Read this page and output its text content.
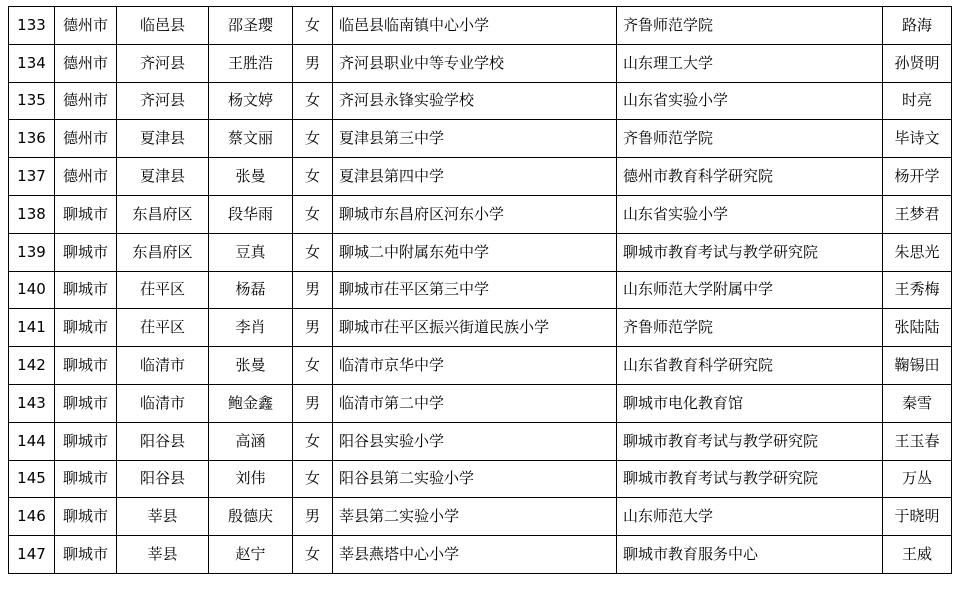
133	德州市	临邑县	邵圣璎	女	临邑县临南镇中心小学	齐鲁师范学院	路海
134	德州市	齐河县	王胜浩	男	齐河县职业中等专业学校	山东理工大学	孙贤明
135	德州市	齐河县	杨文婷	女	齐河县永锋实验学校	山东省实验小学	时亮
136	德州市	夏津县	蔡文丽	女	夏津县第三中学	齐鲁师范学院	毕诗文
137	德州市	夏津县	张曼	女	夏津县第四中学	德州市教育科学研究院	杨开学
138	聊城市	东昌府区	段华雨	女	聊城市东昌府区河东小学	山东省实验小学	王梦君
139	聊城市	东昌府区	豆真	女	聊城二中附属东苑中学	聊城市教育考试与教学研究院	朱思光
140	聊城市	茌平区	杨磊	男	聊城市茌平区第三中学	山东师范大学附属中学	王秀梅
141	聊城市	茌平区	李肖	男	聊城市茌平区振兴街道民族小学	齐鲁师范学院	张陆陆
142	聊城市	临清市	张曼	女	临清市京华中学	山东省教育科学研究院	鞠锡田
143	聊城市	临清市	鲍金鑫	男	临清市第二中学	聊城市电化教育馆	秦雪
144	聊城市	阳谷县	高涵	女	阳谷县实验小学	聊城市教育考试与教学研究院	王玉春
145	聊城市	阳谷县	刘伟	女	阳谷县第二实验小学	聊城市教育考试与教学研究院	万丛
146	聊城市	莘县	殷德庆	男	莘县第二实验小学	山东师范大学	于晓明
147	聊城市	莘县	赵宁	女	莘县燕塔中心小学	聊城市教育服务中心	王威
